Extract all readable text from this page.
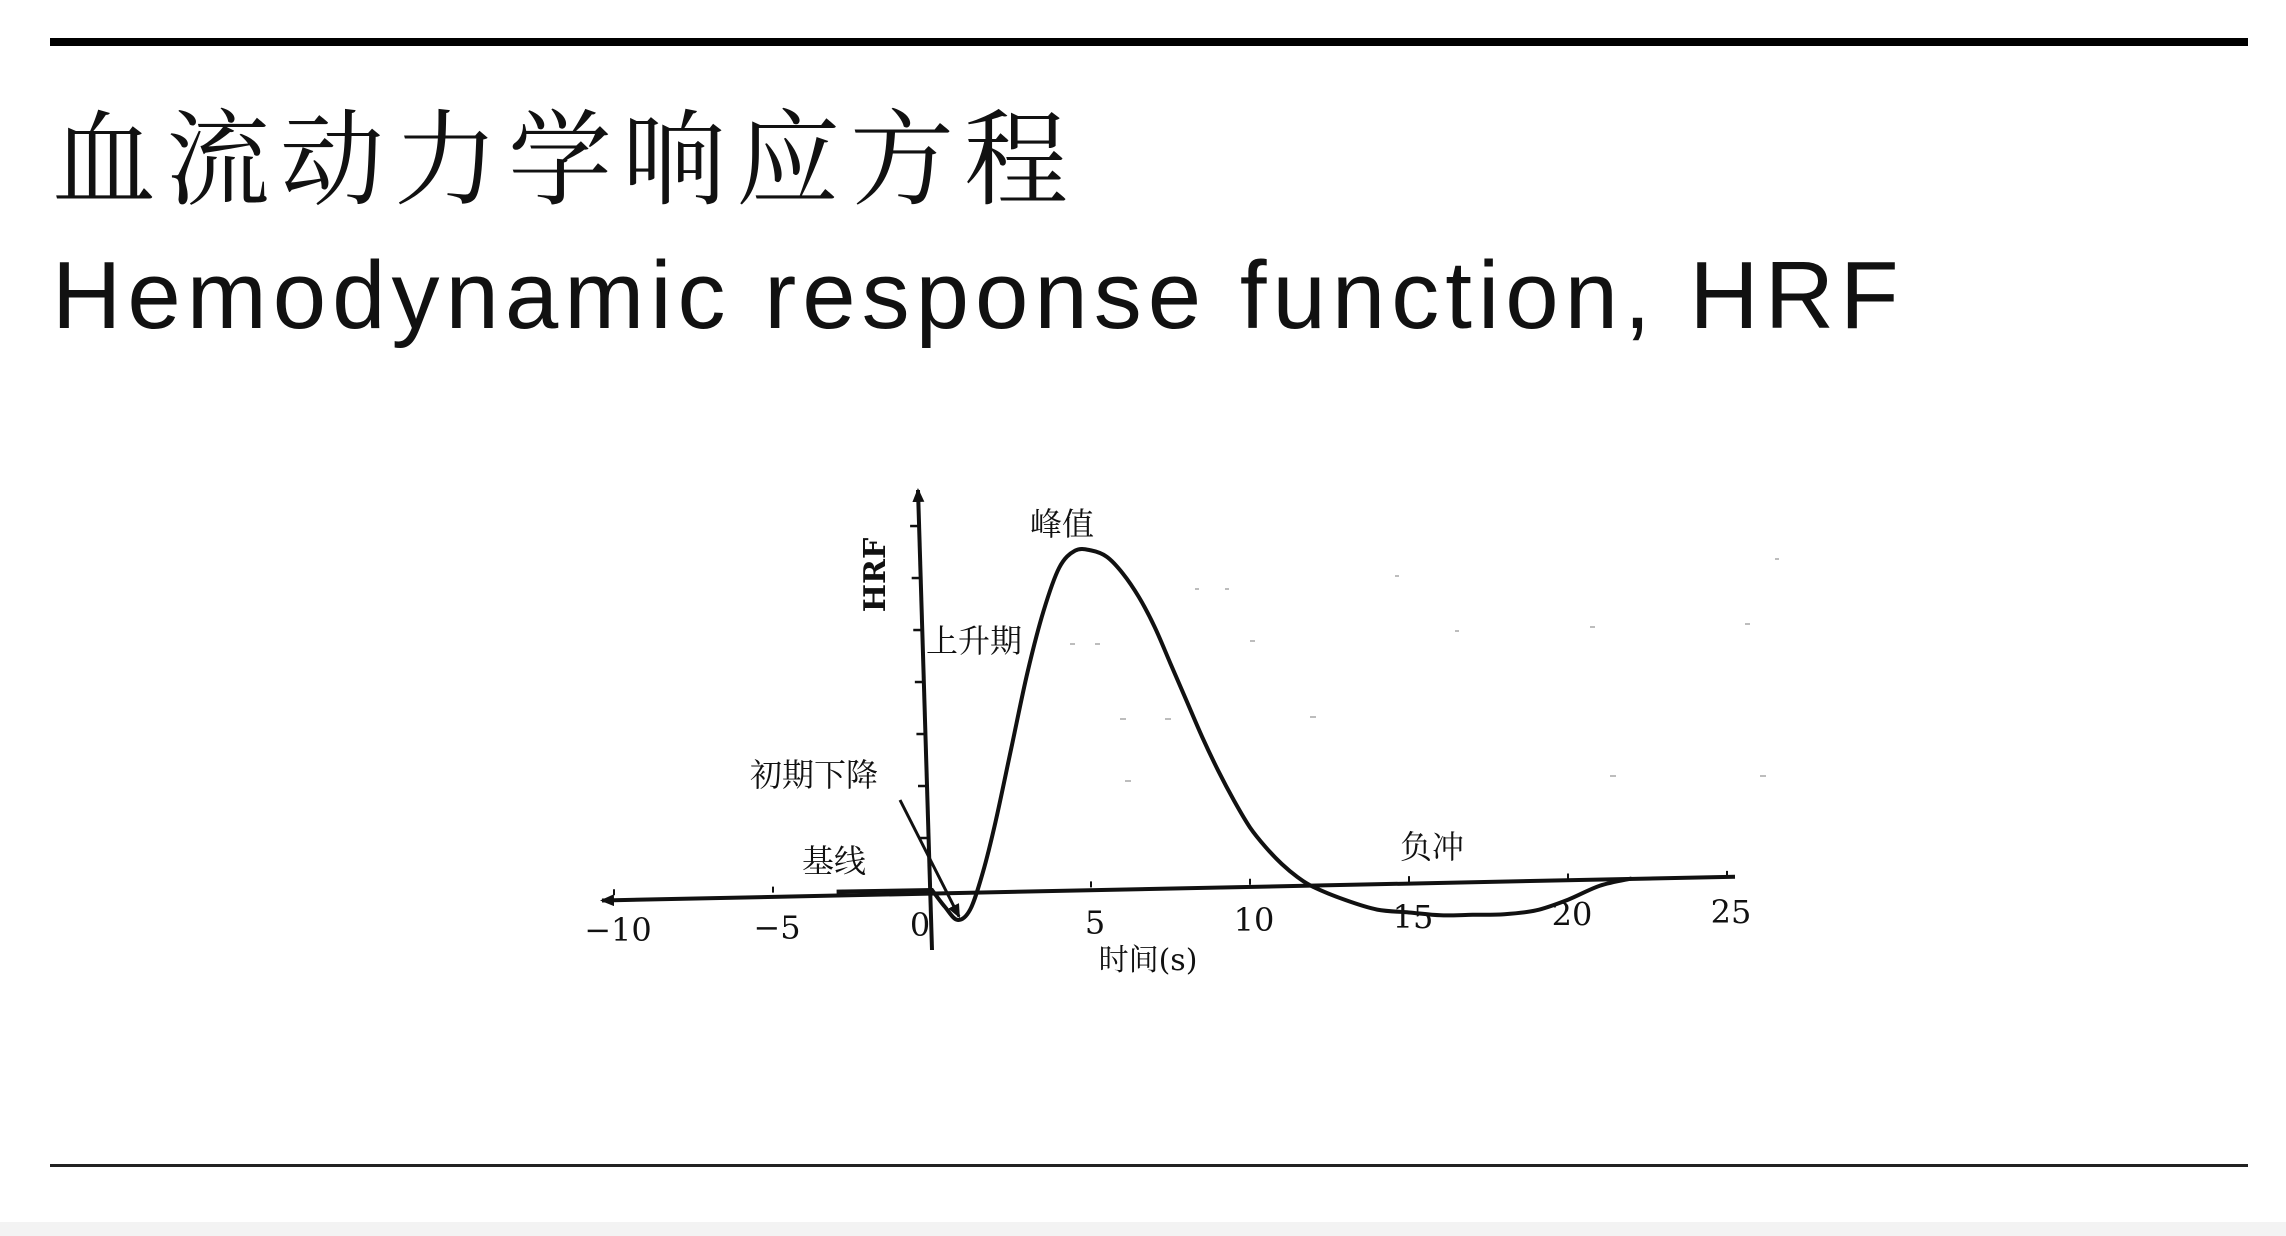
血流动力学响应方程
Hemodynamic response function, HRF
−10	−5	0	5	10	15	20	25
HRF
时间(s)
峰值
上升期
初期下降
基线	负冲
